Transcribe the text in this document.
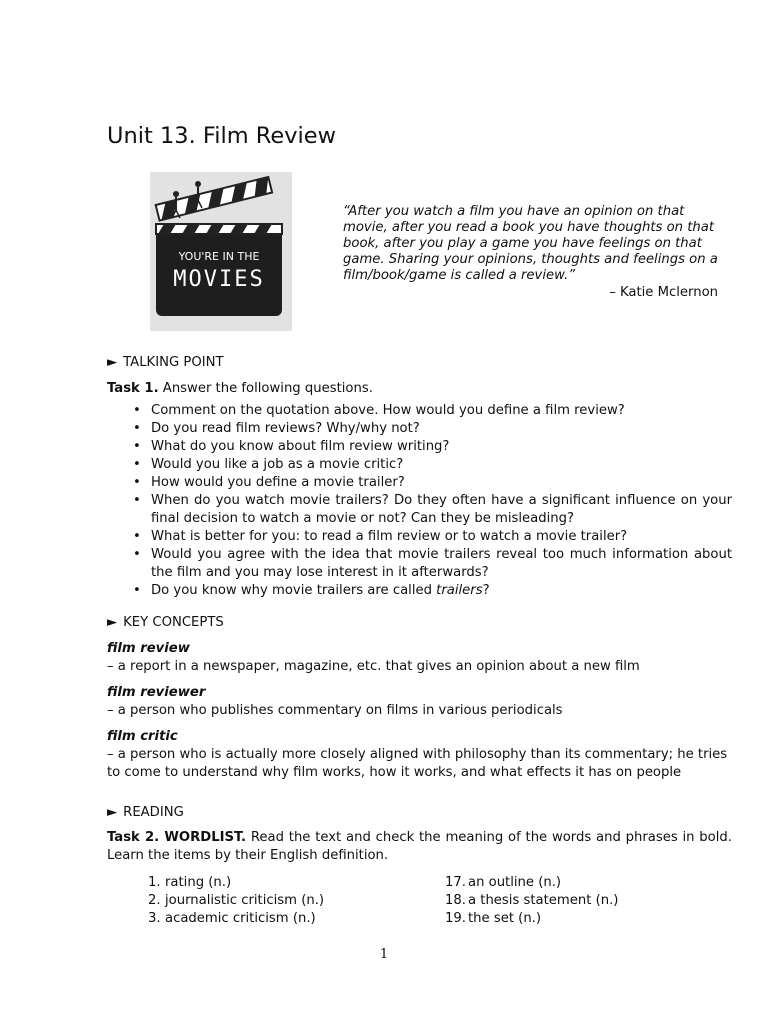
Unit 13. Film Review
YOU'RE IN THE
MOVIES
“After you watch a film you have an opinion on that movie, after you read a book you have thoughts on that book, after you play a game you have feelings on that game. Sharing your opinions, thoughts and feelings on a film/book/game is called a review.”
– Katie Mclernon
► TALKING POINT
Task 1. Answer the following questions.
• Comment on the quotation above. How would you define a film review?
• Do you read film reviews? Why/why not?
• What do you know about film review writing?
• Would you like a job as a movie critic?
• How would you define a movie trailer?
• When do you watch movie trailers? Do they often have a significant influence on your final decision to watch a movie or not? Can they be misleading?
• What is better for you: to read a film review or to watch a movie trailer?
• Would you agree with the idea that movie trailers reveal too much information about the film and you may lose interest in it afterwards?
• Do you know why movie trailers are called trailers?
► KEY CONCEPTS
film review
– a report in a newspaper, magazine, etc. that gives an opinion about a new film
film reviewer
– a person who publishes commentary on films in various periodicals
film critic
– a person who is actually more closely aligned with philosophy than its commentary; he tries to come to understand why film works, how it works, and what effects it has on people
► READING
Task 2. WORDLIST. Read the text and check the meaning of the words and phrases in bold. Learn the items by their English definition.
1. rating (n.)
2. journalistic criticism (n.)
3. academic criticism (n.)
17. an outline (n.)
18. a thesis statement (n.)
19. the set (n.)
1
